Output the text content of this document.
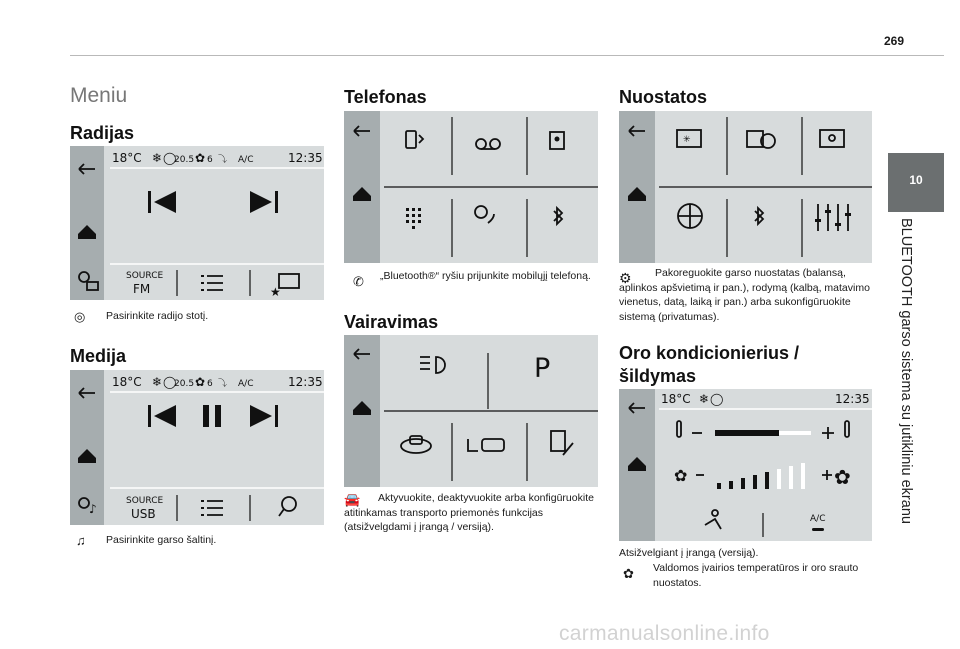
269
10
BLUETOOTH garso sistema su jutikliniu ekranu
Meniu
Radijas
18°C ❄ ◯
20.5 ✿ 6 ⤵ A/C	12:35
SOURCE
FM	★
◎ Pasirinkite radijo stotį.
Medija
♪
18°C ❄ ◯
20.5 ✿ 6 ⤵ A/C	12:35
SOURCE
USB
♫ Pasirinkite garso šaltinį.
Telefonas
✆ „Bluetooth®“ ryšiu prijunkite mobilųjį telefoną.
Vairavimas
P
🚘	Aktyvuokite, deaktyvuokite arba konfigūruokite atitinkamas transporto priemonės funkcijas (atsižvelgdami į įrangą / versiją).
Nuostatos
✳
⚙	Pakoreguokite garso nuostatas (balansą, aplinkos apšvietimą ir pan.), rodymą (kalbą, matavimo vienetus, datą, laiką ir pan.) arba sukonfigūruokite sistemą (privatumas).
Oro kondicionierius / šildymas
18°C ❄ ◯	12:35
✿	✿
A/C
Atsižvelgiant į įrangą (versiją).
✿ Valdomos įvairios temperatūros ir oro srauto nuostatos.
carmanualsonline.info
